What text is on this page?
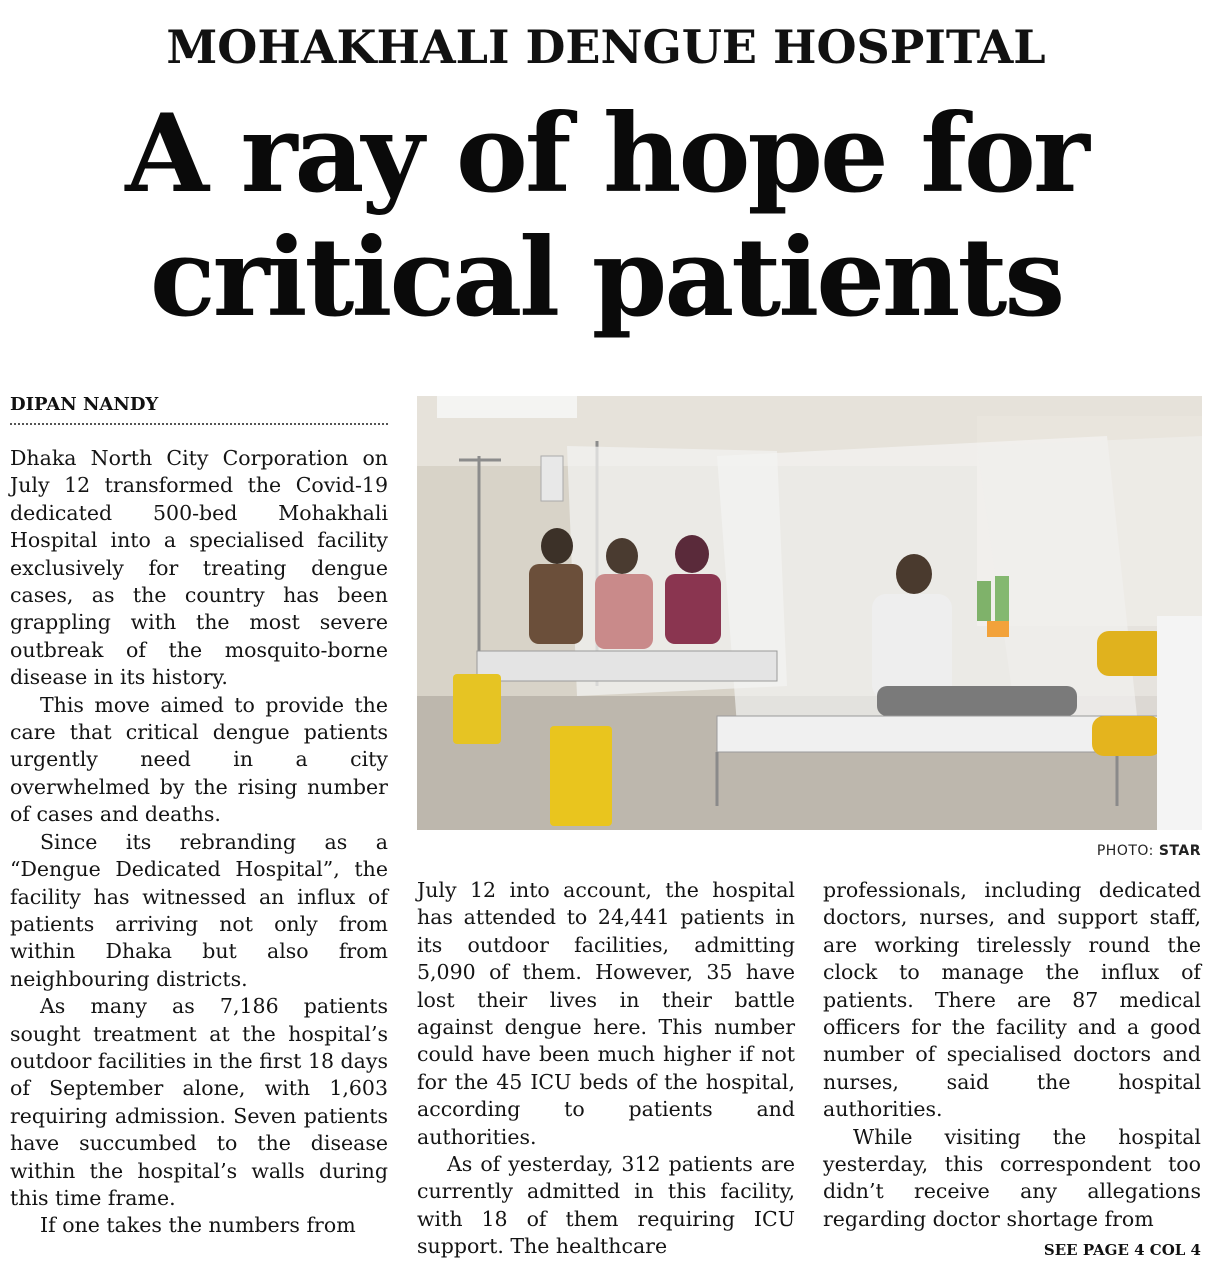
MOHAKHALI DENGUE HOSPITAL
A ray of hope for
critical patients
DIPAN NANDY

Dhaka North City Corporation on July 12 transformed the Covid-19 dedicated 500-bed Mohakhali Hospital into a specialised facility exclusively for treating dengue cases, as the country has been grappling with the most severe outbreak of the mosquito-borne disease in its history.

This move aimed to provide the care that critical dengue patients urgently need in a city overwhelmed by the rising number of cases and deaths.

Since its rebranding as a “Dengue Dedicated Hospital”, the facility has witnessed an influx of patients arriving not only from within Dhaka but also from neighbouring districts.

As many as 7,186 patients sought treatment at the hospital’s outdoor facilities in the first 18 days of September alone, with 1,603 requiring admission. Seven patients have succumbed to the disease within the hospital’s walls during this time frame.

If one takes the numbers from

PHOTO: STAR

July 12 into account, the hospital has attended to 24,441 patients in its outdoor facilities, admitting 5,090 of them. However, 35 have lost their lives in their battle against dengue here. This number could have been much higher if not for the 45 ICU beds of the hospital, according to patients and authorities.

As of yesterday, 312 patients are currently admitted in this facility, with 18 of them requiring ICU support. The healthcare

professionals, including dedicated doctors, nurses, and support staff, are working tirelessly round the clock to manage the influx of patients. There are 87 medical officers for the facility and a good number of specialised doctors and nurses, said the hospital authorities.

While visiting the hospital yesterday, this correspondent too didn’t receive any allegations regarding doctor shortage from

SEE PAGE 4 COL 4
